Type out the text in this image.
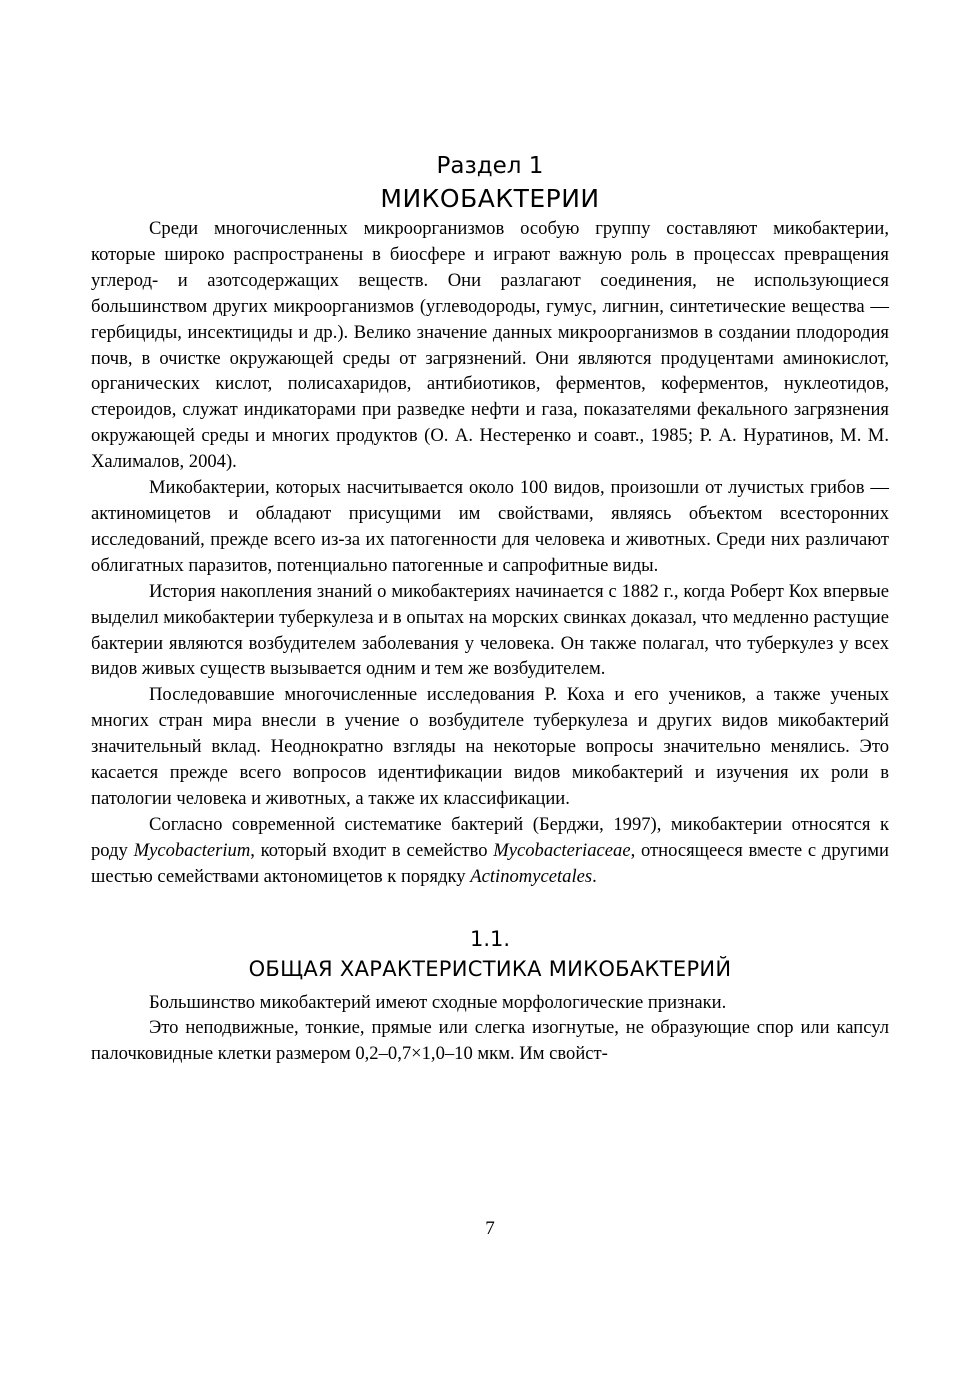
Раздел 1
МИКОБАКТЕРИИ

Среди многочисленных микроорганизмов особую группу составляют микобактерии, которые широко распространены в биосфере и играют важную роль в процессах превращения углерод- и азотсодержащих веществ. Они разлагают соединения, не использующиеся большинством других микроорганизмов (углеводороды, гумус, лигнин, синтетические вещества — гербициды, инсектициды и др.). Велико значение данных микроорганизмов в создании плодородия почв, в очистке окружающей среды от загрязнений. Они являются продуцентами аминокислот, органических кислот, полисахаридов, антибиотиков, ферментов, коферментов, нуклеотидов, стероидов, служат индикаторами при разведке нефти и газа, показателями фекального загрязнения окружающей среды и многих продуктов (О. А. Нестеренко и соавт., 1985; Р. А. Нуратинов, М. М. Халималов, 2004).

Микобактерии, которых насчитывается около 100 видов, произошли от лучистых грибов — актиномицетов и обладают присущими им свойствами, являясь объектом всесторонних исследований, прежде всего из-за их патогенности для человека и животных. Среди них различают облигатных паразитов, потенциально патогенные и сапрофитные виды.

История накопления знаний о микобактериях начинается с 1882 г., когда Роберт Кох впервые выделил микобактерии туберкулеза и в опытах на морских свинках доказал, что медленно растущие бактерии являются возбудителем заболевания у человека. Он также полагал, что туберкулез у всех видов живых существ вызывается одним и тем же возбудителем.

Последовавшие многочисленные исследования Р. Коха и его учеников, а также ученых многих стран мира внесли в учение о возбудителе туберкулеза и других видов микобактерий значительный вклад. Неоднократно взгляды на некоторые вопросы значительно менялись. Это касается прежде всего вопросов идентификации видов микобактерий и изучения их роли в патологии человека и животных, а также их классификации.

Согласно современной систематике бактерий (Берджи, 1997), микобактерии относятся к роду Mycobacterium, который входит в семейство Mycobacteriaceae, относящееся вместе с другими шестью семействами актономицетов к порядку Actinomycetales.

1.1.
ОБЩАЯ ХАРАКТЕРИСТИКА МИКОБАКТЕРИЙ

Большинство микобактерий имеют сходные морфологические признаки.

Это неподвижные, тонкие, прямые или слегка изогнутые, не образующие спор или капсул палочковидные клетки размером 0,2–0,7×1,0–10 мкм. Им свойст-

7
